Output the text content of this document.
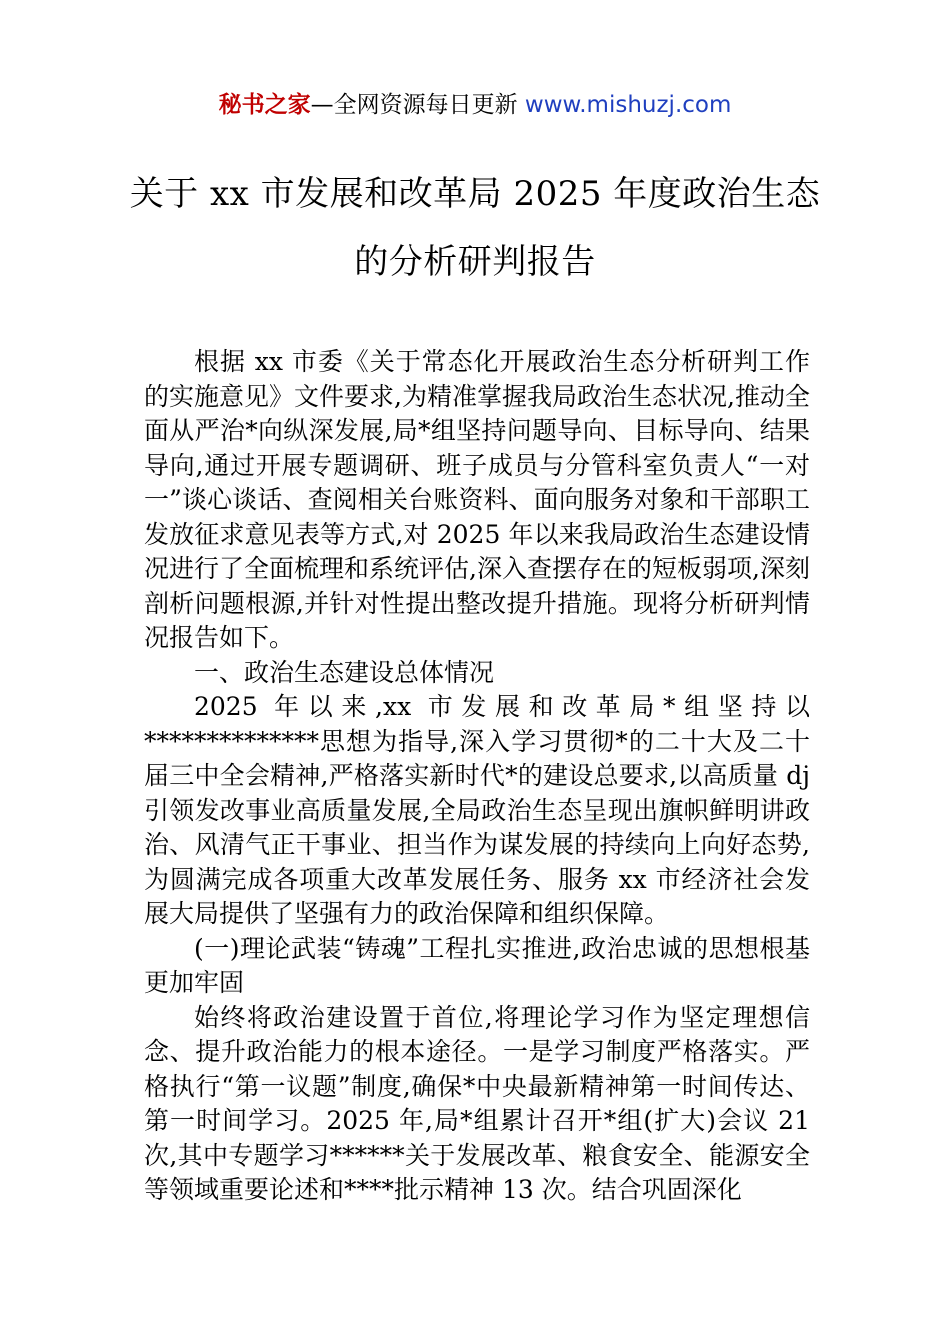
秘书之家—全网资源每日更新 www.mishuzj.com
关于 xx 市发展和改革局 2025 年度政治生态
的分析研判报告

根据 xx 市委《关于常态化开展政治生态分析研判工作的实施意见》文件要求,为精准掌握我局政治生态状况,推动全面从严治*向纵深发展,局*组坚持问题导向、目标导向、结果导向,通过开展专题调研、班子成员与分管科室负责人“一对一”谈心谈话、查阅相关台账资料、面向服务对象和干部职工发放征求意见表等方式,对 2025 年以来我局政治生态建设情况进行了全面梳理和系统评估,深入查摆存在的短板弱项,深刻剖析问题根源,并针对性提出整改提升措施。现将分析研判情况报告如下。

一、政治生态建设总体情况

2025 年以来,xx 市发展和改革局*组坚持以**************思想为指导,深入学习贯彻*的二十大及二十届三中全会精神,严格落实新时代*的建设总要求,以高质量 dj 引领发改事业高质量发展,全局政治生态呈现出旗帜鲜明讲政治、风清气正干事业、担当作为谋发展的持续向上向好态势,为圆满完成各项重大改革发展任务、服务 xx 市经济社会发展大局提供了坚强有力的政治保障和组织保障。

(一)理论武装“铸魂”工程扎实推进,政治忠诚的思想根基更加牢固

始终将政治建设置于首位,将理论学习作为坚定理想信念、提升政治能力的根本途径。一是学习制度严格落实。严格执行“第一议题”制度,确保*中央最新精神第一时间传达、第一时间学习。2025 年,局*组累计召开*组(扩大)会议 21 次,其中专题学习******关于发展改革、粮食安全、能源安全等领域重要论述和****批示精神 13 次。结合巩固深化
